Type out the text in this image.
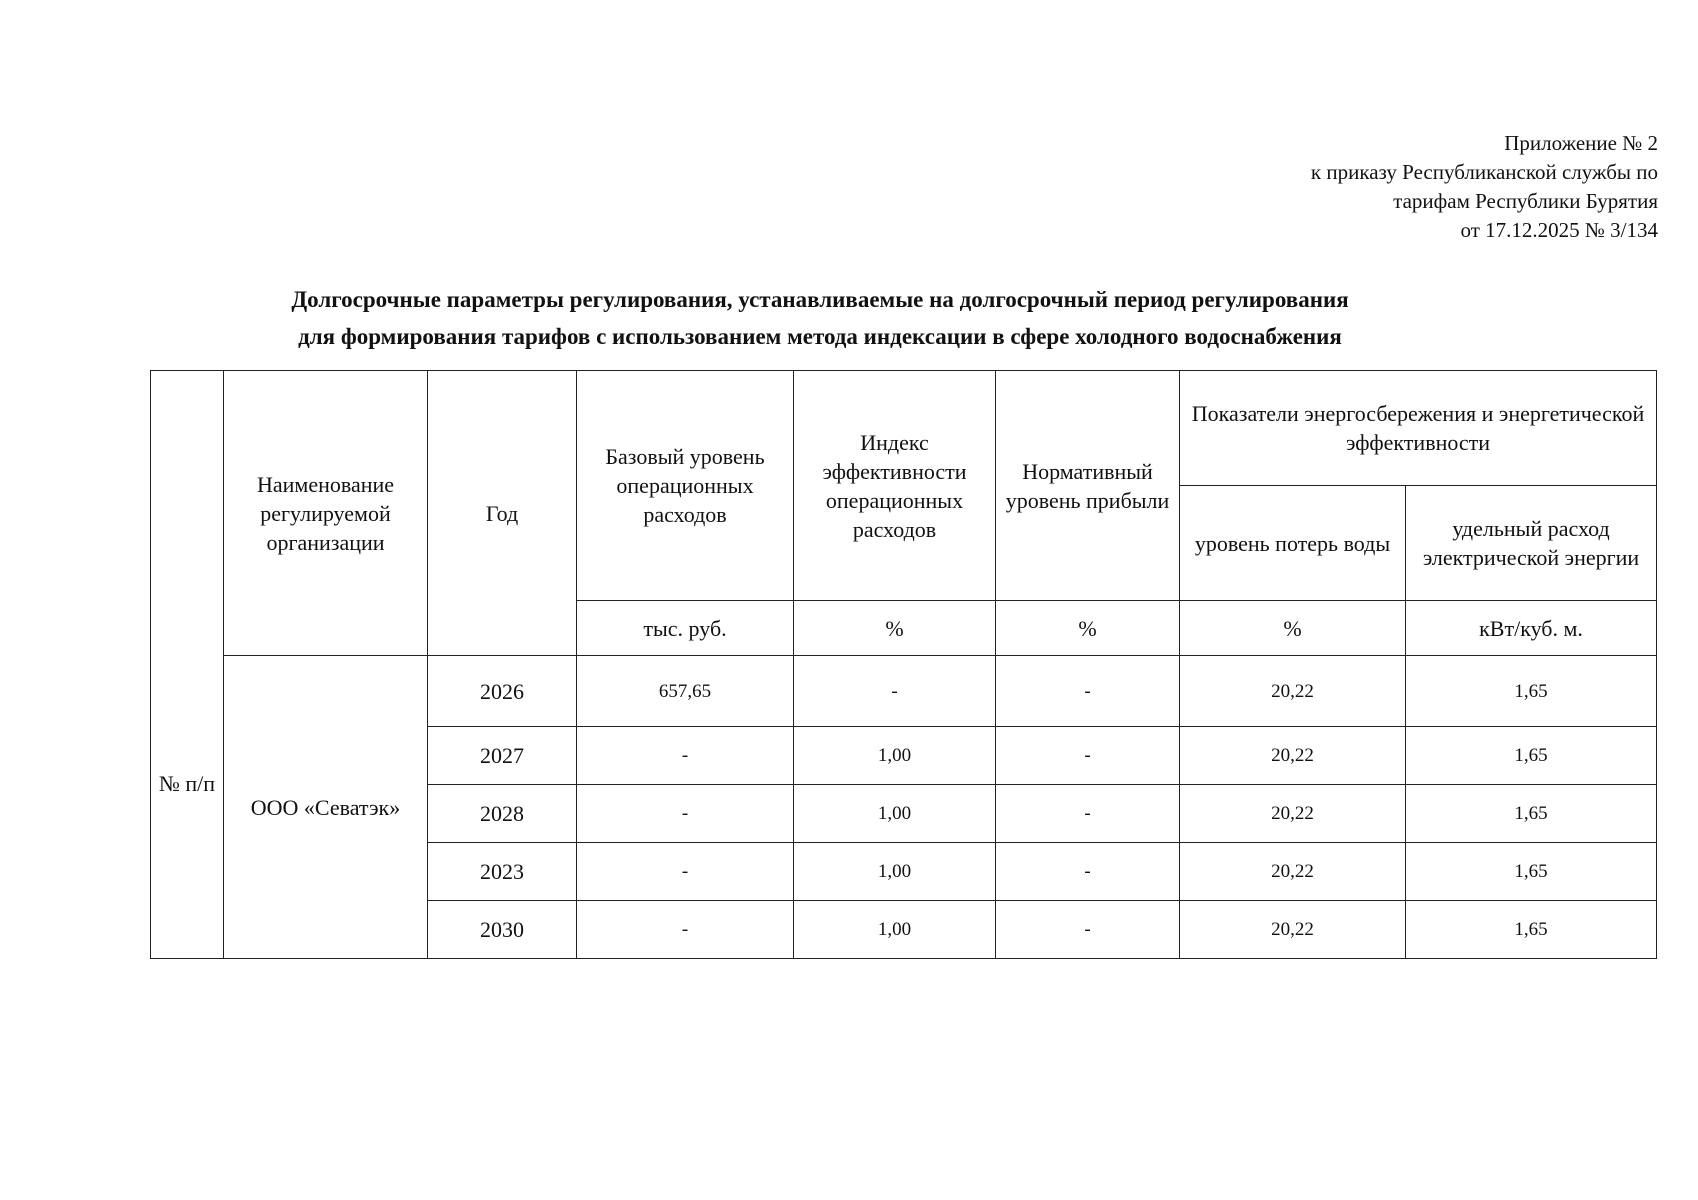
Приложение № 2
к приказу Республиканской службы по
тарифам Республики Бурятия
от 17.12.2025 № 3/134
Долгосрочные параметры регулирования, устанавливаемые на долгосрочный период регулирования
для формирования тарифов с использованием метода индексации в сфере холодного водоснабжения
№ п/п	Наименование регулируемой организации	Год	Базовый уровень операционных расходов	Индекс эффективности операционных расходов	Нормативный уровень прибыли	Показатели энергосбережения и энергетической эффективности	
						уровень потерь воды	удельный расход электрической энергии
			тыс. руб.	%	%	%	кВт/куб. м.
	ООО «Севатэк»	2026	657,65	-	-	20,22	1,65
		2027	-	1,00	-	20,22	1,65
		2028	-	1,00	-	20,22	1,65
		2023	-	1,00	-	20,22	1,65
		2030	-	1,00	-	20,22	1,65
